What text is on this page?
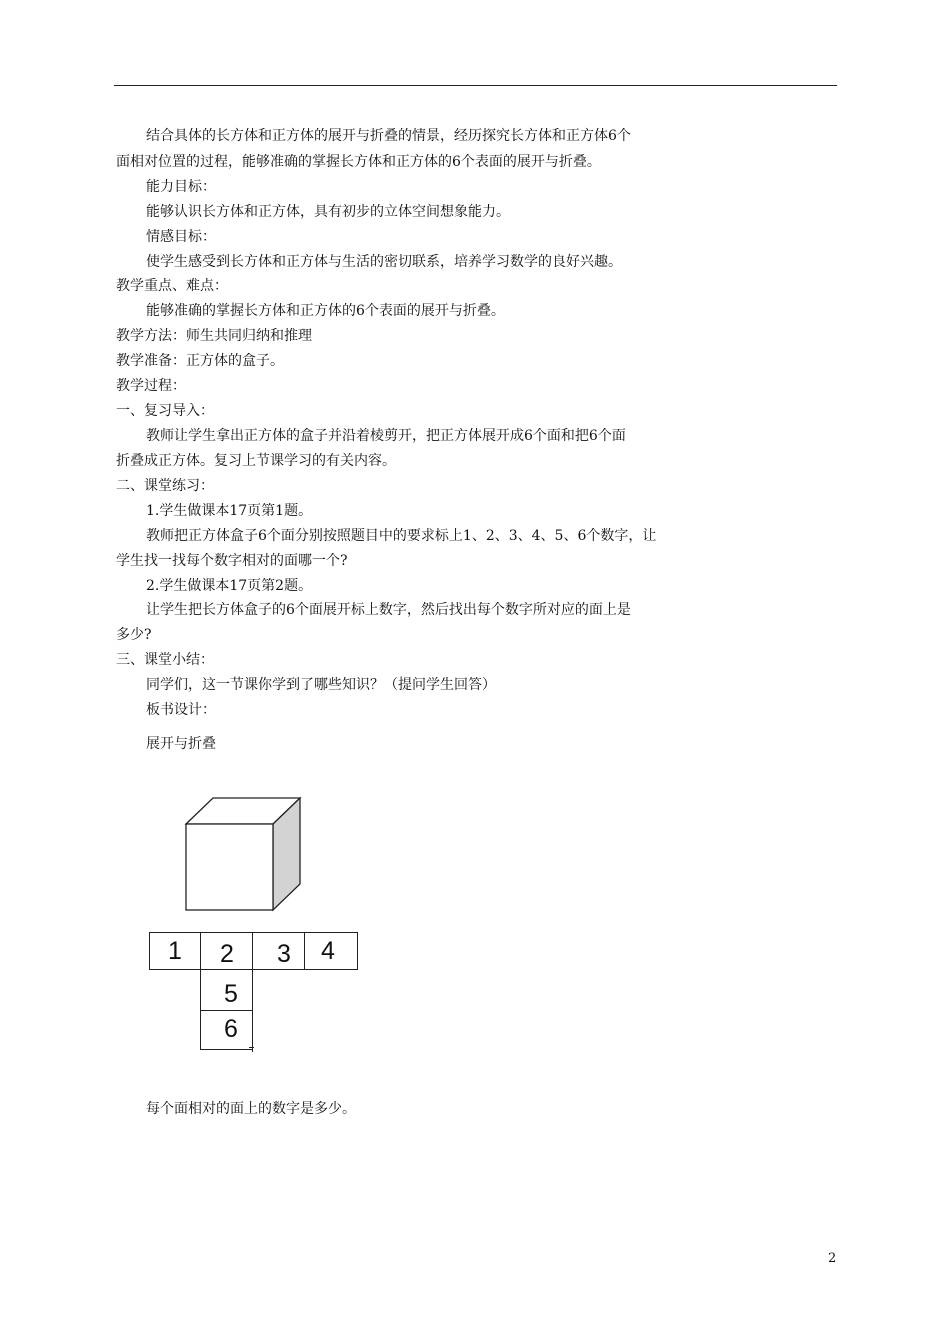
结合具体的长方体和正方体的展开与折叠的情景，经历探究长方体和正方体6个
面相对位置的过程，能够准确的掌握长方体和正方体的6个表面的展开与折叠。
能力目标：
能够认识长方体和正方体，具有初步的立体空间想象能力。
情感目标：
使学生感受到长方体和正方体与生活的密切联系，培养学习数学的良好兴趣。
教学重点、难点：
能够准确的掌握长方体和正方体的6个表面的展开与折叠。
教学方法：师生共同归纳和推理
教学准备：正方体的盒子。
教学过程：
一、复习导入：
教师让学生拿出正方体的盒子并沿着棱剪开，把正方体展开成6个面和把6个面
折叠成正方体。复习上节课学习的有关内容。
二、课堂练习：
1.学生做课本17页第1题。
教师把正方体盒子6个面分别按照题目中的要求标上1、2、3、4、5、6个数字，让
学生找一找每个数字相对的面哪一个?
2.学生做课本17页第2题。
让学生把长方体盒子的6个面展开标上数字，然后找出每个数字所对应的面上是
多少?
三、课堂小结：
同学们，这一节课你学到了哪些知识？（提问学生回答）
板书设计：
展开与折叠
1 2 3 4
5
6
每个面相对的面上的数字是多少。
2
